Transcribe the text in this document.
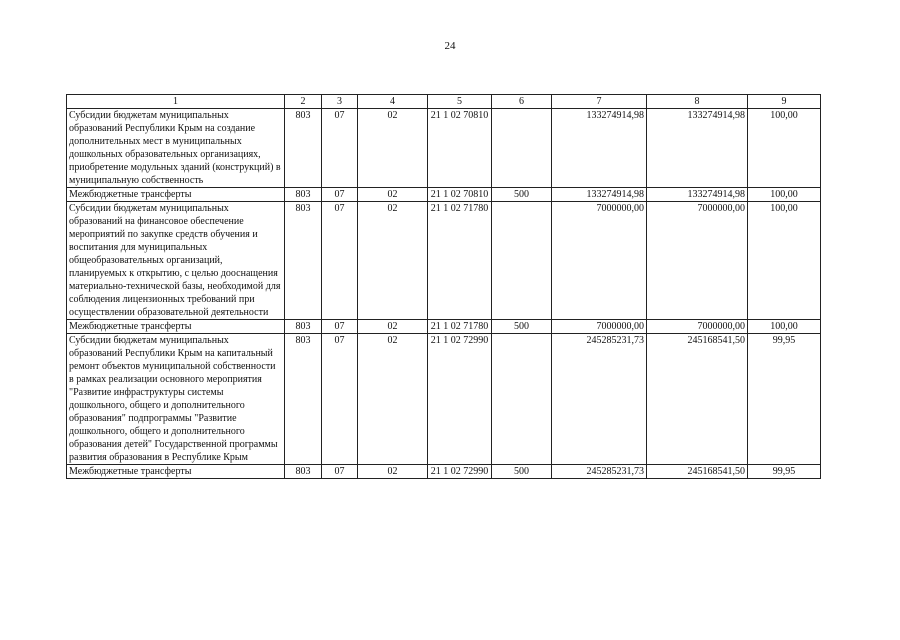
24
1	2	3	4	5	6	7	8	9
Субсидии бюджетам муниципальных образований Республики Крым на создание дополнительных мест в муниципальных дошкольных образовательных организациях, приобретение модульных зданий (конструкций) в муниципальную собственность	803	07	02	21 1 02 70810		133274914,98	133274914,98	100,00
Межбюджетные трансферты	803	07	02	21 1 02 70810	500	133274914,98	133274914,98	100,00
Субсидии бюджетам муниципальных образований на финансовое обеспечение мероприятий по закупке средств обучения и воспитания для муниципальных общеобразовательных организаций, планируемых к открытию, с целью дооснащения материально-технической базы, необходимой для соблюдения лицензионных требований при осуществлении образовательной деятельности	803	07	02	21 1 02 71780		7000000,00	7000000,00	100,00
Межбюджетные трансферты	803	07	02	21 1 02 71780	500	7000000,00	7000000,00	100,00
Субсидии бюджетам муниципальных образований Республики Крым на капитальный ремонт объектов муниципальной собственности в рамках реализации основного мероприятия "Развитие инфраструктуры системы дошкольного, общего и дополнительного образования" подпрограммы "Развитие дошкольного, общего и дополнительного образования детей" Государственной программы развития образования в Республике Крым	803	07	02	21 1 02 72990		245285231,73	245168541,50	99,95
Межбюджетные трансферты	803	07	02	21 1 02 72990	500	245285231,73	245168541,50	99,95
